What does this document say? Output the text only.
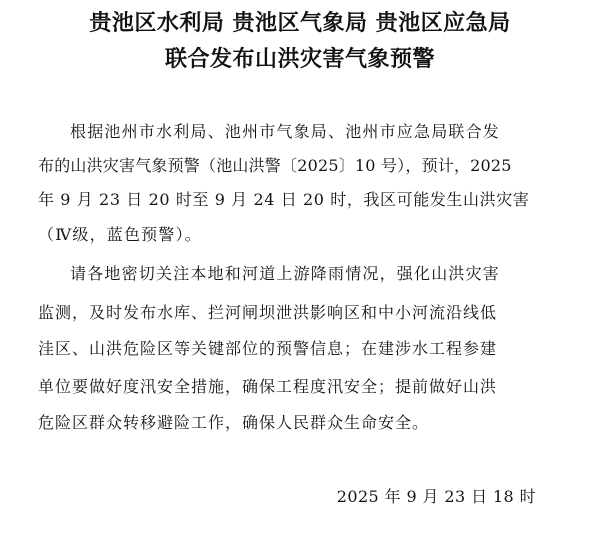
贵池区水利局 贵池区气象局 贵池区应急局
联合发布山洪灾害气象预警
根据池州市水利局、池州市气象局、池州市应急局联合发
布的山洪灾害气象预警（池山洪警〔2025〕10 号），预计，2025
年 9 月 23 日 20 时至 9 月 24 日 20 时，我区可能发生山洪灾害
（Ⅳ级，蓝色预警）。
请各地密切关注本地和河道上游降雨情况，强化山洪灾害
监测，及时发布水库、拦河闸坝泄洪影响区和中小河流沿线低
洼区、山洪危险区等关键部位的预警信息；在建涉水工程参建
单位要做好度汛安全措施，确保工程度汛安全；提前做好山洪
危险区群众转移避险工作，确保人民群众生命安全。
2025 年 9 月 23 日 18 时
